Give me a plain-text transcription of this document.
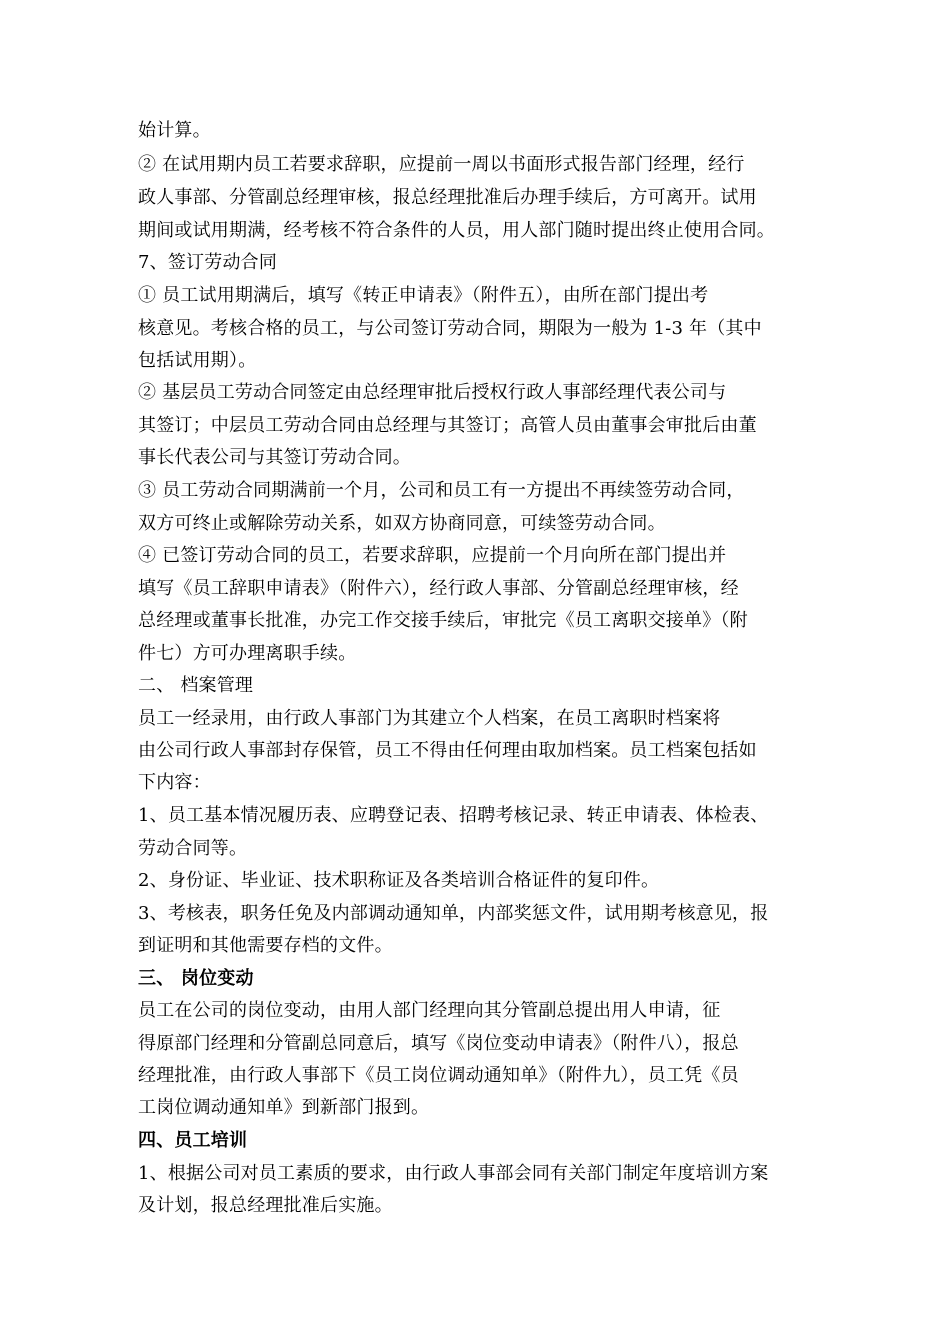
始计算。
② 在试用期内员工若要求辞职，应提前一周以书面形式报告部门经理，经行
政人事部、分管副总经理审核，报总经理批准后办理手续后，方可离开。试用
期间或试用期满，经考核不符合条件的人员，用人部门随时提出终止使用合同。
7、签订劳动合同
① 员工试用期满后，填写《转正申请表》（附件五），由所在部门提出考
核意见。考核合格的员工，与公司签订劳动合同，期限为一般为 1-3 年（其中
包括试用期）。
② 基层员工劳动合同签定由总经理审批后授权行政人事部经理代表公司与
其签订；中层员工劳动合同由总经理与其签订；高管人员由董事会审批后由董
事长代表公司与其签订劳动合同。
③ 员工劳动合同期满前一个月，公司和员工有一方提出不再续签劳动合同，
双方可终止或解除劳动关系，如双方协商同意，可续签劳动合同。
④ 已签订劳动合同的员工，若要求辞职，应提前一个月向所在部门提出并
填写《员工辞职申请表》（附件六），经行政人事部、分管副总经理审核，经
总经理或董事长批准，办完工作交接手续后，审批完《员工离职交接单》（附
件七）方可办理离职手续。
二、 档案管理
员工一经录用，由行政人事部门为其建立个人档案，在员工离职时档案将
由公司行政人事部封存保管，员工不得由任何理由取加档案。员工档案包括如
下内容：
1、员工基本情况履历表、应聘登记表、招聘考核记录、转正申请表、体检表、
劳动合同等。
2、身份证、毕业证、技术职称证及各类培训合格证件的复印件。
3、考核表，职务任免及内部调动通知单，内部奖惩文件，试用期考核意见，报
到证明和其他需要存档的文件。
三、 岗位变动
员工在公司的岗位变动，由用人部门经理向其分管副总提出用人申请，征
得原部门经理和分管副总同意后，填写《岗位变动申请表》（附件八），报总
经理批准，由行政人事部下《员工岗位调动通知单》（附件九），员工凭《员
工岗位调动通知单》到新部门报到。
四、员工培训
1、根据公司对员工素质的要求，由行政人事部会同有关部门制定年度培训方案
及计划，报总经理批准后实施。
